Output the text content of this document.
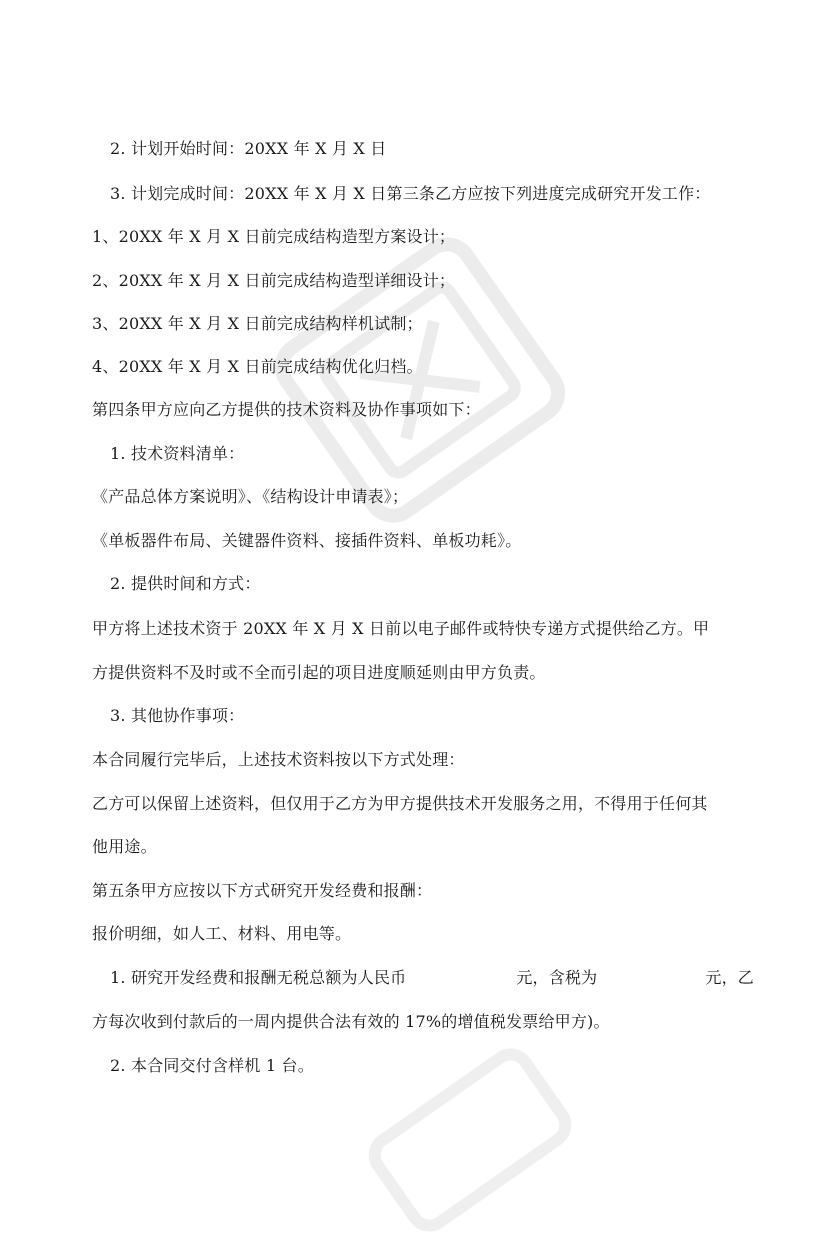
2. 计划开始时间：20XX 年 X 月 X 日
3. 计划完成时间：20XX 年 X 月 X 日第三条乙方应按下列进度完成研究开发工作：
1、20XX 年 X 月 X 日前完成结构造型方案设计；
2、20XX 年 X 月 X 日前完成结构造型详细设计；
3、20XX 年 X 月 X 日前完成结构样机试制；
4、20XX 年 X 月 X 日前完成结构优化归档。
第四条甲方应向乙方提供的技术资料及协作事项如下：
1. 技术资料清单：
《产品总体方案说明》、《结构设计申请表》；
《单板器件布局、关键器件资料、接插件资料、单板功耗》。
2. 提供时间和方式：
甲方将上述技术资于 20XX 年 X 月 X 日前以电子邮件或特快专递方式提供给乙方。甲
方提供资料不及时或不全而引起的项目进度顺延则由甲方负责。
3. 其他协作事项：
本合同履行完毕后，上述技术资料按以下方式处理：
乙方可以保留上述资料，但仅用于乙方为甲方提供技术开发服务之用，不得用于任何其
他用途。
第五条甲方应按以下方式研究开发经费和报酬：
报价明细，如人工、材料、用电等。
1. 研究开发经费和报酬无税总额为人民币	元，含税为	元，乙
方每次收到付款后的一周内提供合法有效的 17%的增值税发票给甲方)。
2. 本合同交付含样机 1 台。
